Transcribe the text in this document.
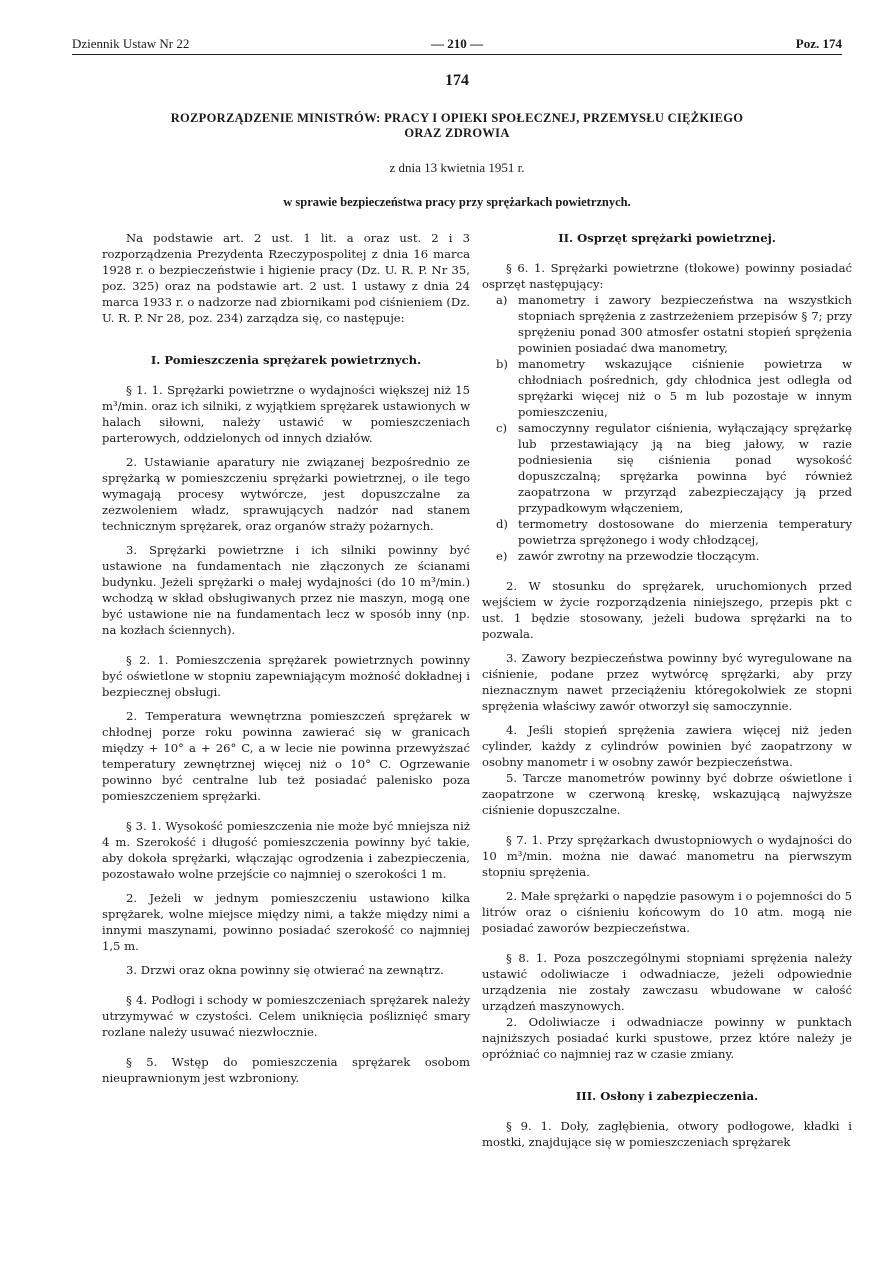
Dziennik Ustaw Nr 22	— 210 —	Poz. 174
174
ROZPORZĄDZENIE MINISTRÓW: PRACY I OPIEKI SPOŁECZNEJ, PRZEMYSŁU CIĘŻKIEGO
ORAZ ZDROWIA
z dnia 13 kwietnia 1951 r.
w sprawie bezpieczeństwa pracy przy sprężarkach powietrznych.

Na podstawie art. 2 ust. 1 lit. a oraz ust. 2 i 3 rozporządzenia Prezydenta Rzeczypospolitej z dnia 16 marca 1928 r. o bezpieczeństwie i higienie pracy (Dz. U. R. P. Nr 35, poz. 325) oraz na podstawie art. 2 ust. 1 ustawy z dnia 24 marca 1933 r. o nadzorze nad zbiornikami pod ciśnieniem (Dz. U. R. P. Nr 28, poz. 234) zarządza się, co następuje:

I. Pomieszczenia sprężarek powietrznych.

§ 1. 1. Sprężarki powietrzne o wydajności większej niż 15 m³/min. oraz ich silniki, z wyjątkiem sprężarek ustawionych w halach siłowni, należy ustawić w pomieszczeniach parterowych, oddzielonych od innych działów.

2. Ustawianie aparatury nie związanej bezpośrednio ze sprężarką w pomieszczeniu sprężarki powietrznej, o ile tego wymagają procesy wytwórcze, jest dopuszczalne za zezwoleniem władz, sprawujących nadzór nad stanem technicznym sprężarek, oraz organów straży pożarnych.

3. Sprężarki powietrzne i ich silniki powinny być ustawione na fundamentach nie złączonych ze ścianami budynku. Jeżeli sprężarki o małej wydajności (do 10 m³/min.) wchodzą w skład obsługiwanych przez nie maszyn, mogą one być ustawione nie na fundamentach lecz w sposób inny (np. na kozłach ściennych).

§ 2. 1. Pomieszczenia sprężarek powietrznych powinny być oświetlone w stopniu zapewniającym możność dokładnej i bezpiecznej obsługi.

2. Temperatura wewnętrzna pomieszczeń sprężarek w chłodnej porze roku powinna zawierać się w granicach między + 10° a + 26° C, a w lecie nie powinna przewyższać temperatury zewnętrznej więcej niż o 10° C. Ogrzewanie powinno być centralne lub też posiadać palenisko poza pomieszczeniem sprężarki.

§ 3. 1. Wysokość pomieszczenia nie może być mniejsza niż 4 m. Szerokość i długość pomieszczenia powinny być takie, aby dokoła sprężarki, włączając ogrodzenia i zabezpieczenia, pozostawało wolne przejście co najmniej o szerokości 1 m.

2. Jeżeli w jednym pomieszczeniu ustawiono kilka sprężarek, wolne miejsce między nimi, a także między nimi a innymi maszynami, powinno posiadać szerokość co najmniej 1,5 m.

3. Drzwi oraz okna powinny się otwierać na zewnątrz.

§ 4. Podłogi i schody w pomieszczeniach sprężarek należy utrzymywać w czystości. Celem uniknięcia pośliznięć smary rozlane należy usuwać niezwłocznie.

§ 5. Wstęp do pomieszczenia sprężarek osobom nieuprawnionym jest wzbroniony.

II. Osprzęt sprężarki powietrznej.

§ 6. 1. Sprężarki powietrzne (tłokowe) powinny posiadać osprzęt następujący:

a) manometry i zawory bezpieczeństwa na wszystkich stopniach sprężenia z zastrzeżeniem przepisów § 7; przy sprężeniu ponad 300 atmosfer ostatni stopień sprężenia powinien posiadać dwa manometry,
b) manometry wskazujące ciśnienie powietrza w chłodniach pośrednich, gdy chłodnica jest odległa od sprężarki więcej niż o 5 m lub pozostaje w innym pomieszczeniu,
c) samoczynny regulator ciśnienia, wyłączający sprężarkę lub przestawiający ją na bieg jałowy, w razie podniesienia się ciśnienia ponad wysokość dopuszczalną; sprężarka powinna być również zaopatrzona w przyrząd zabezpieczający ją przed przypadkowym włączeniem,
d) termometry dostosowane do mierzenia temperatury powietrza sprężonego i wody chłodzącej,
e) zawór zwrotny na przewodzie tłoczącym.

2. W stosunku do sprężarek, uruchomionych przed wejściem w życie rozporządzenia niniejszego, przepis pkt c ust. 1 będzie stosowany, jeżeli budowa sprężarki na to pozwala.

3. Zawory bezpieczeństwa powinny być wyregulowane na ciśnienie, podane przez wytwórcę sprężarki, aby przy nieznacznym nawet przeciążeniu któregokolwiek ze stopni sprężenia właściwy zawór otworzył się samoczynnie.

4. Jeśli stopień sprężenia zawiera więcej niż jeden cylinder, każdy z cylindrów powinien być zaopatrzony w osobny manometr i w osobny zawór bezpieczeństwa.

5. Tarcze manometrów powinny być dobrze oświetlone i zaopatrzone w czerwoną kreskę, wskazującą najwyższe ciśnienie dopuszczalne.

§ 7. 1. Przy sprężarkach dwustopniowych o wydajności do 10 m³/min. można nie dawać manometru na pierwszym stopniu sprężenia.

2. Małe sprężarki o napędzie pasowym i o pojemności do 5 litrów oraz o ciśnieniu końcowym do 10 atm. mogą nie posiadać zaworów bezpieczeństwa.

§ 8. 1. Poza poszczególnymi stopniami sprężenia należy ustawić odoliwiacze i odwadniacze, jeżeli odpowiednie urządzenia nie zostały zawczasu wbudowane w całość urządzeń maszynowych.

2. Odoliwiacze i odwadniacze powinny w punktach najniższych posiadać kurki spustowe, przez które należy je opróżniać co najmniej raz w czasie zmiany.

III. Osłony i zabezpieczenia.

§ 9. 1. Doły, zagłębienia, otwory podłogowe, kładki i mostki, znajdujące się w pomieszczeniach sprężarek
